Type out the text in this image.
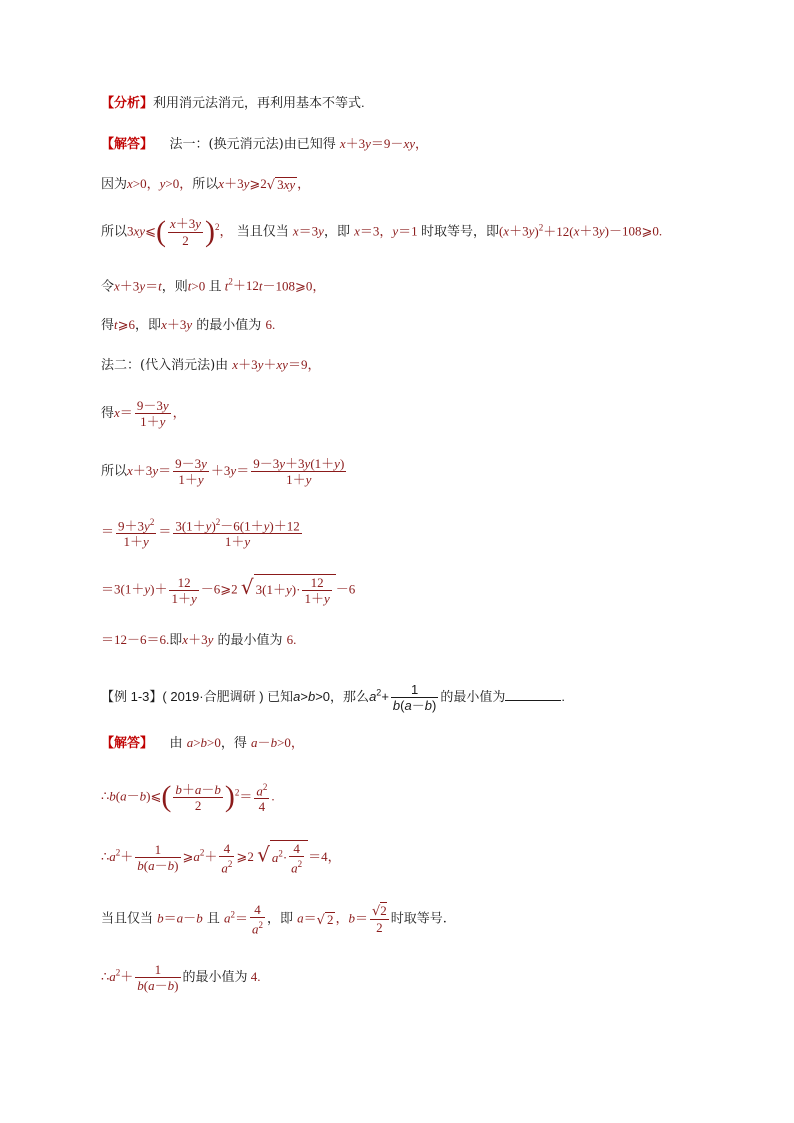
【分析】利用消元法消元，再利用基本不等式.
【解答】 法一：(换元消元法)由已知得 x＋3y＝9－xy，
因为x>0，y>0，所以x＋3y⩾2√ 3xy ，
所以3xy⩽( $\frac{x+3y}{2} )^2$， 当且仅当 x＝3y，即 x＝3，y＝1 时取等号，即$(x+3y)^2+12(x+3y)-108⩾0$.
令x＋3y＝t，则t>0 且 $t^2+12t-108⩾0$，
得t⩾6，即x＋3y 的最小值为 6.
法二：(代入消元法)由 x＋3y＋xy＝9，
得$x= \frac{9-3y}{1+y}$ ，
所以$x+3y= \frac{9-3y}{1+y} +3y= \frac{9-3y+3y(1+y)}{1+y}$
＝ $\frac{9+3y^2}{1+y} = \frac{3(1+y)^2-6(1+y)+12}{1+y}$
$=3(1+y)+ \frac{12}{1+y}$ －6⩾2 √ $3(1+y)\cdot \frac{12}{1+y} -6$
＝12－6＝6.即x＋3y 的最小值为 6.
【例 1-3】( 2019·合肥调研 ) 已知a>b>0，那么$a^2+ \frac{1}{b(a-b)}$ 的最小值为	.
【解答】 由 a>b>0，得 a－b>0，
∴b(a－b)⩽( $\frac{b+a-b}{2} )^2= \frac{a^2}{4}$ .
$\therefore a^2+ \frac{1}{b(a-b)}$ $⩾a^2+ \frac{4}{a^2}$ ⩾2 √ $a^2\cdot \frac{4}{a^2} =4$，
当且仅当 b＝a－b 且 $a^2= \frac{4}{a^2}$ ，即 a＝√ 2 ，$b= \frac{√2}{2}$ 时取等号.
$\therefore a^2+ \frac{1}{b(a-b)}$ 的最小值为 4.
